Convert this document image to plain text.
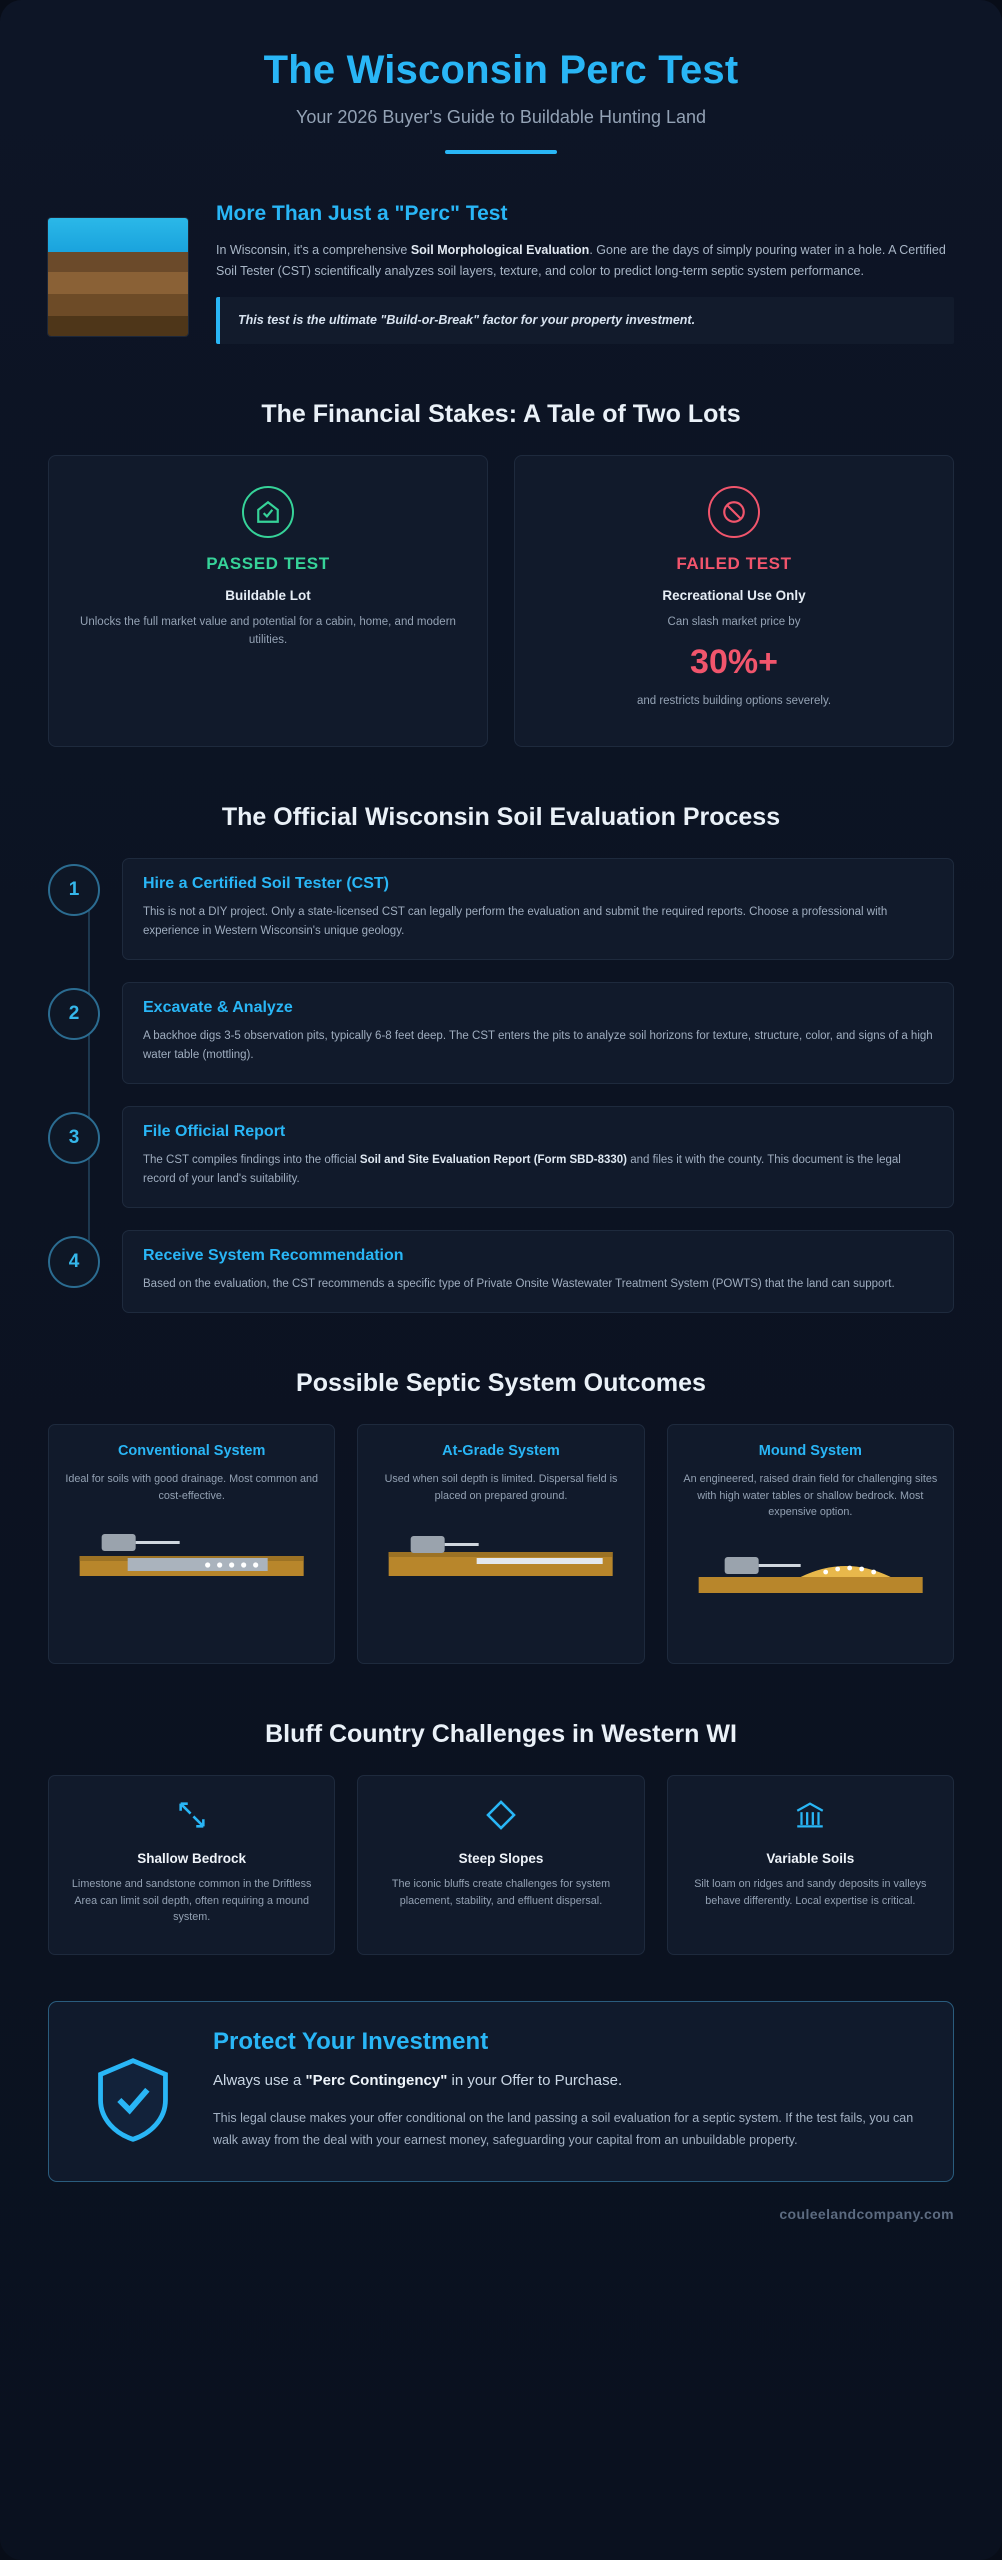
The Wisconsin Perc Test
Your 2026 Buyer's Guide to Buildable Hunting Land
More Than Just a "Perc" Test

In Wisconsin, it's a comprehensive Soil Morphological Evaluation. Gone are the days of simply pouring water in a hole. A Certified Soil Tester (CST) scientifically analyzes soil layers, texture, and color to predict long-term septic system performance.

This test is the ultimate "Build-or-Break" factor for your property investment.
The Financial Stakes: A Tale of Two Lots
PASSED TEST
Buildable Lot

Unlocks the full market value and potential for a cabin, home, and modern utilities.

FAILED TEST
Recreational Use Only

Can slash market price by

30%+

and restricts building options severely.

The Official Wisconsin Soil Evaluation Process
1	Hire a Certified Soil Tester (CST)

This is not a DIY project. Only a state-licensed CST can legally perform the evaluation and submit the required reports. Choose a professional with experience in Western Wisconsin's unique geology.

2	Excavate & Analyze

A backhoe digs 3-5 observation pits, typically 6-8 feet deep. The CST enters the pits to analyze soil horizons for texture, structure, color, and signs of a high water table (mottling).

3	File Official Report

The CST compiles findings into the official Soil and Site Evaluation Report (Form SBD-8330) and files it with the county. This document is the legal record of your land's suitability.

4	Receive System Recommendation

Based on the evaluation, the CST recommends a specific type of Private Onsite Wastewater Treatment System (POWTS) that the land can support.

Possible Septic System Outcomes
Conventional System

Ideal for soils with good drainage. Most common and cost-effective.

At-Grade System

Used when soil depth is limited. Dispersal field is placed on prepared ground.

Mound System

An engineered, raised drain field for challenging sites with high water tables or shallow bedrock. Most expensive option.

Bluff Country Challenges in Western WI
Shallow Bedrock

Limestone and sandstone common in the Driftless Area can limit soil depth, often requiring a mound system.

Steep Slopes

The iconic bluffs create challenges for system placement, stability, and effluent dispersal.

Variable Soils

Silt loam on ridges and sandy deposits in valleys behave differently. Local expertise is critical.

Protect Your Investment
Always use a "Perc Contingency" in your Offer to Purchase.

This legal clause makes your offer conditional on the land passing a soil evaluation for a septic system. If the test fails, you can walk away from the deal with your earnest money, safeguarding your capital from an unbuildable property.

couleelandcompany.com
